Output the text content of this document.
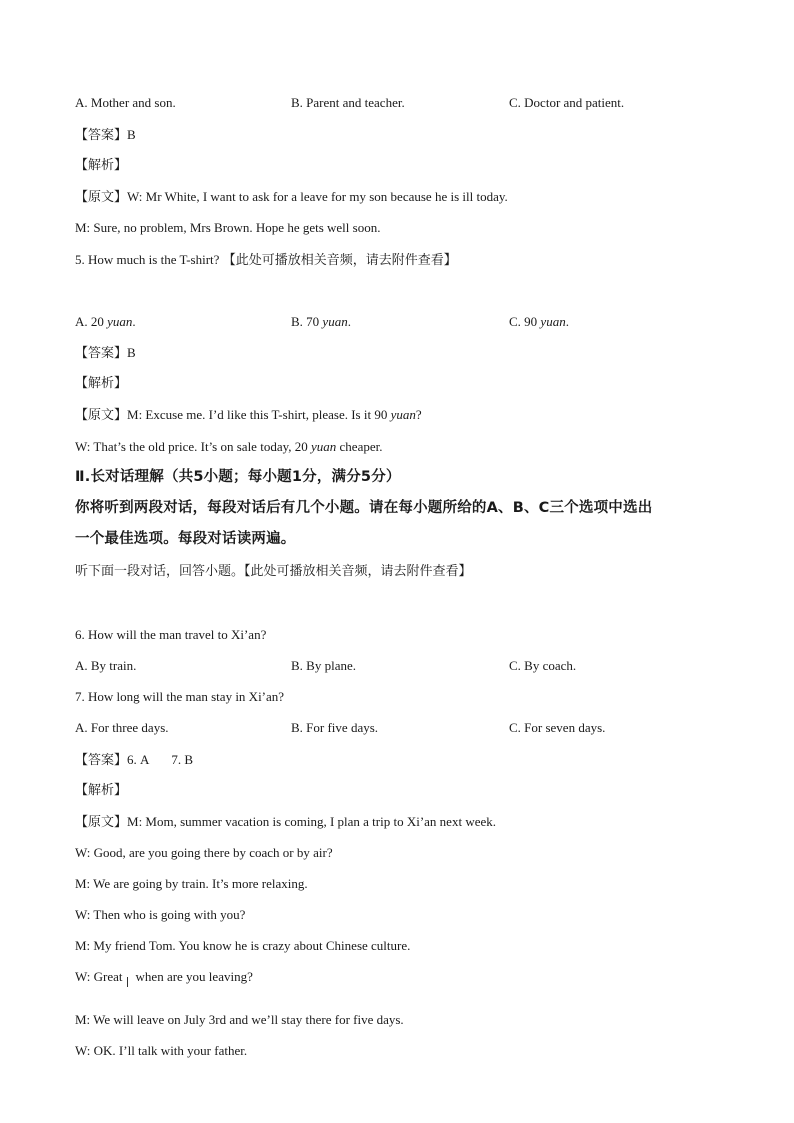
A. Mother and son.	B. Parent and teacher.	C. Doctor and patient.
【答案】B
【解析】
【原文】W: Mr White, I want to ask for a leave for my son because he is ill today.
M: Sure, no problem, Mrs Brown. Hope he gets well soon.
5. How much is the T-shirt? 【此处可播放相关音频，请去附件查看】
A. 20 yuan.	B. 70 yuan.	C. 90 yuan.
【答案】B
【解析】
【原文】M: Excuse me. I’d like this T-shirt, please. Is it 90 yuan?
W: That’s the old price. It’s on sale today, 20 yuan cheaper.
Ⅱ.长对话理解（共5小题；每小题1分，满分5分）
你将听到两段对话，每段对话后有几个小题。请在每小题所给的A、B、C三个选项中选出
一个最佳选项。每段对话读两遍。
听下面一段对话，回答小题。【此处可播放相关音频，请去附件查看】
6. How will the man travel to Xi’an?
A. By train.	B. By plane.	C. By coach.
7. How long will the man stay in Xi’an?
A. For three days.	B. For five days.	C. For seven days.
【答案】6. A 7. B
【解析】
【原文】M: Mom, summer vacation is coming, I plan a trip to Xi’an next week.
W: Good, are you going there by coach or by air?
M: We are going by train. It’s more relaxing.
W: Then who is going with you?
M: My friend Tom. You know he is crazy about Chinese culture.
W: Great when are you leaving?
M: We will leave on July 3rd and we’ll stay there for five days.
W: OK. I’ll talk with your father.
